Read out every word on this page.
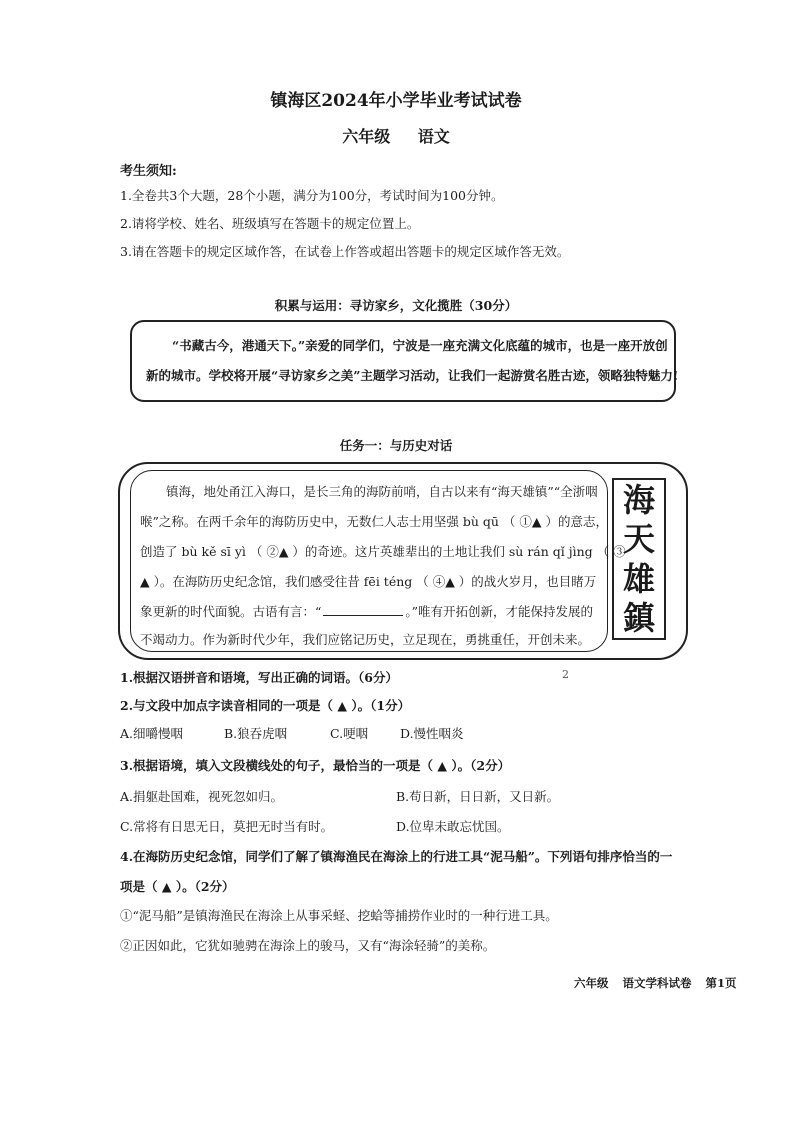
镇海区2024年小学毕业考试试卷
六年级 语文
考生须知:
1.全卷共3个大题，28个小题，满分为100分，考试时间为100分钟。
2.请将学校、姓名、班级填写在答题卡的规定位置上。
3.请在答题卡的规定区域作答，在试卷上作答或超出答题卡的规定区域作答无效。
积累与运用：寻访家乡，文化揽胜（30分）
“书藏古今，港通天下。”亲爱的同学们，宁波是一座充满文化底蕴的城市，也是一座开放创
新的城市。学校将开展“寻访家乡之美”主题学习活动，让我们一起游赏名胜古迹，领略独特魅力!
任务一：与历史对话
镇海，地处甬江入海口，是长三角的海防前哨，自古以来有“海天雄镇”“全浙咽
喉”之称。在两千余年的海防历史中，无数仁人志士用坚强 bù qū （ ①▲ ）的意志，
创造了 bù kě sī yì （ ②▲ ）的奇迹。这片英雄辈出的土地让我们 sù rán qǐ jìng （ ③
▲ ）。在海防历史纪念馆，我们感受往昔 fēi téng （ ④▲ ）的战火岁月，也目睹万
象更新的时代面貌。古语有言：“	。”唯有开拓创新，才能保持发展的
不竭动力。作为新时代少年，我们应铭记历史，立足现在，勇挑重任，开创未来。
海
天
雄
鎮
2
1.根据汉语拼音和语境，写出正确的词语。（6分）
2.与文段中加点字读音相同的一项是（ ▲ ）。（1分）
A.细嚼慢咽	B.狼吞虎咽	C.哽咽	D.慢性咽炎
3.根据语境，填入文段横线处的句子，最恰当的一项是（ ▲ ）。（2分）
A.捐躯赴国难，视死忽如归。	B.苟日新，日日新，又日新。
C.常将有日思无日，莫把无时当有时。	D.位卑未敢忘忧国。
4.在海防历史纪念馆，同学们了解了镇海渔民在海涂上的行进工具“泥马船”。下列语句排序恰当的一
项是（ ▲ ）。（2分）
①“泥马船”是镇海渔民在海涂上从事采蛏、挖蛤等捕捞作业时的一种行进工具。
②正因如此，它犹如驰骋在海涂上的骏马，又有“海涂轻骑”的美称。
六年级 语文学科试卷 第1页
